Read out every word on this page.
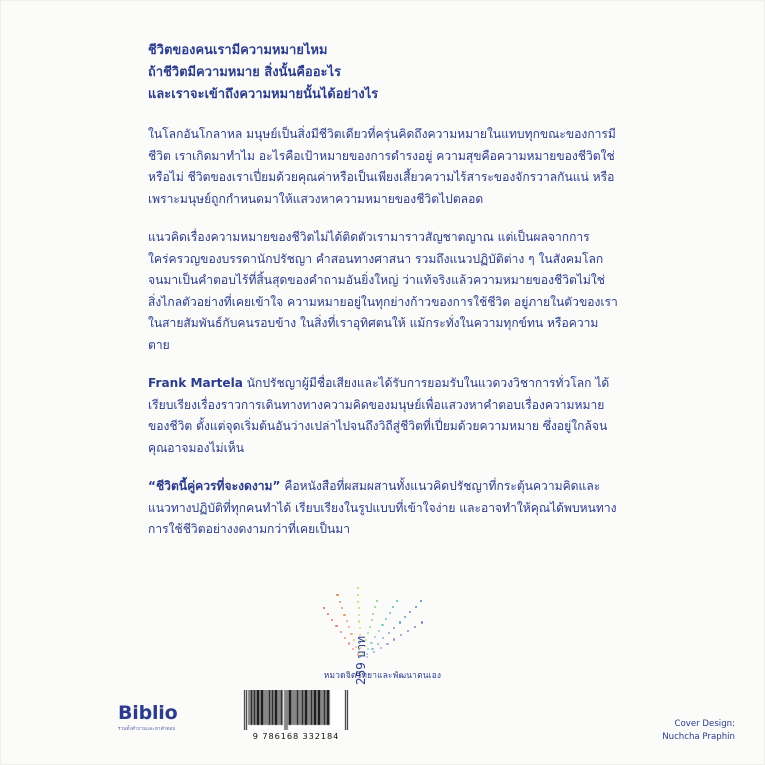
ชีวิตของคนเรามีความหมายไหม
ถ้าชีวิตมีความหมาย สิ่งนั้นคืออะไร
และเราจะเข้าถึงความหมายนั้นได้อย่างไร

ในโลกอันโกลาหล มนุษย์เป็นสิ่งมีชีวิตเดียวที่ครุ่นคิดถึงความหมายในแทบทุกขณะของการมีชีวิต เราเกิดมาทำไม อะไรคือเป้าหมายของการดำรงอยู่ ความสุขคือความหมายของชีวิตใช่หรือไม่ ชีวิตของเราเปี่ยมด้วยคุณค่าหรือเป็นเพียงเสี้ยวความไร้สาระของจักรวาลกันแน่ หรือเพราะมนุษย์ถูกกำหนดมาให้แสวงหาความหมายของชีวิตไปตลอด

แนวคิดเรื่องความหมายของชีวิตไม่ได้ติดตัวเรามาราวสัญชาตญาณ แต่เป็นผลจากการใคร่ครวญของบรรดานักปรัชญา คำสอนทางศาสนา รวมถึงแนวปฏิบัติต่าง ๆ ในสังคมโลก จนมาเป็นคำตอบไร้ที่สิ้นสุดของคำถามอันยิ่งใหญ่ ว่าแท้จริงแล้วความหมายของชีวิตไม่ใช่สิ่งไกลตัวอย่างที่เคยเข้าใจ ความหมายอยู่ในทุกย่างก้าวของการใช้ชีวิต อยู่ภายในตัวของเรา ในสายสัมพันธ์กับคนรอบข้าง ในสิ่งที่เราอุทิศตนให้ แม้กระทั่งในความทุกข์ทน หรือความตาย

Frank Martela นักปรัชญาผู้มีชื่อเสียงและได้รับการยอมรับในแวดวงวิชาการทั่วโลก ได้เรียบเรียงเรื่องราวการเดินทางทางความคิดของมนุษย์เพื่อแสวงหาคำตอบเรื่องความหมายของชีวิต ตั้งแต่จุดเริ่มต้นอันว่างเปล่าไปจนถึงวิถีสู่ชีวิตที่เปี่ยมด้วยความหมาย ซึ่งอยู่ใกล้จนคุณอาจมองไม่เห็น

“ชีวิตนี้คู่ควรที่จะงดงาม” คือหนังสือที่ผสมผสานทั้งแนวคิดปรัชญาที่กระตุ้นความคิดและแนวทางปฏิบัติที่ทุกคนทำได้ เรียบเรียงในรูปแบบที่เข้าใจง่าย และอาจทำให้คุณได้พบหนทางการใช้ชีวิตอย่างงดงามกว่าที่เคยเป็นมา

หมวดจิตวิทยาและพัฒนาตนเอง
9 786168 332184
259 บาท
Biblio
ร่วมตั้งคำถามและหาคำตอบ
Cover Design:
Nuchcha Praphin
